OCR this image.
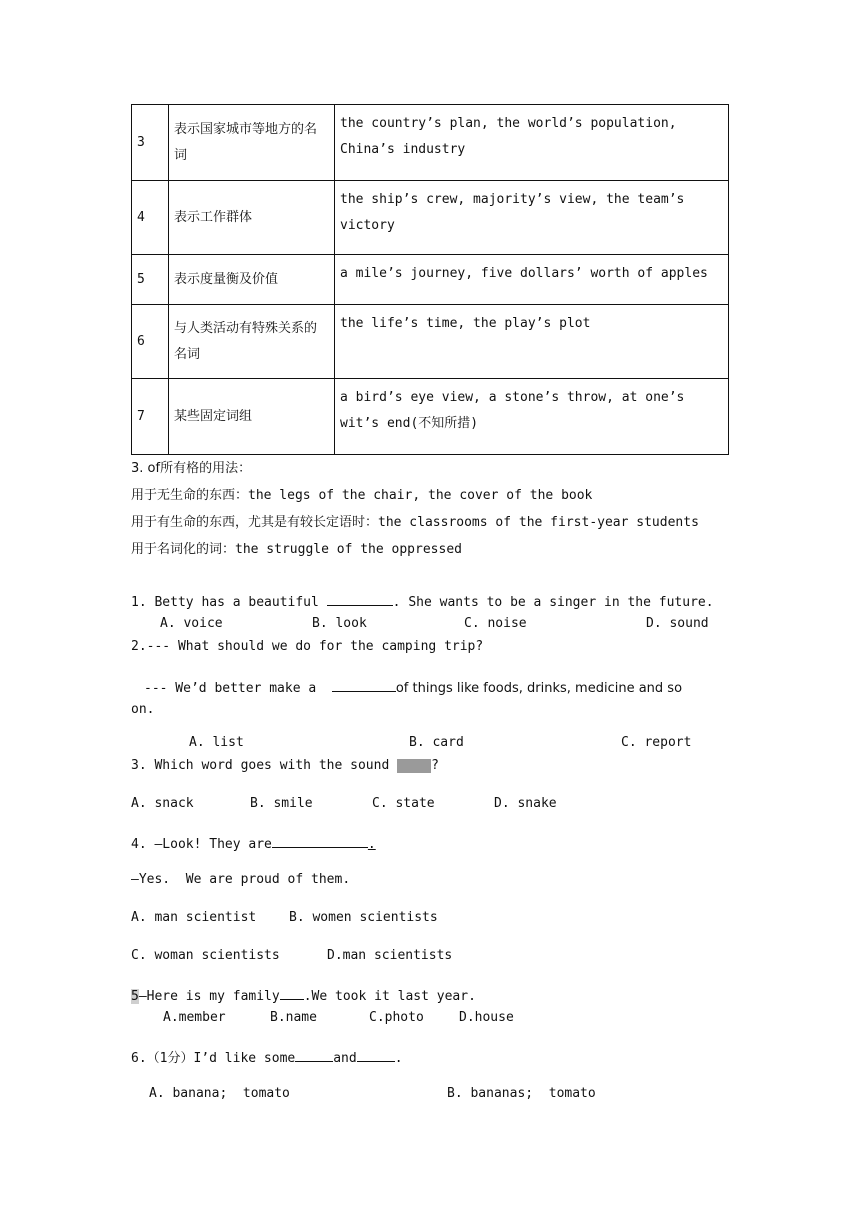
3	表示国家城市等地方的名词	the country’s plan, the world’s population, China’s industry
4	表示工作群体	the ship’s crew, majority’s view, the team’s victory
5	表示度量衡及价值	a mile’s journey, five dollars’ worth of apples
6	与人类活动有特殊关系的名词	the life’s time, the play’s plot
7	某些固定词组	a bird’s eye view, a stone’s throw, at one’s wit’s end(不知所措)
3. of所有格的用法：
用于无生命的东西：the legs of the chair, the cover of the book
用于有生命的东西，尤其是有较长定语时：the classrooms of the first-year students
用于名词化的词：the struggle of the oppressed
1. Betty has a beautiful	. She wants to be a singer in the future.
A. voice	B. look	C. noise	D. sound
2.--- What should we do for the camping trip?
--- We’d better make a	of things like foods, drinks, medicine and so
on.
A. list	B. card	C. report
3. Which word goes with the sound	?
A. snack	B. smile	C. state	D. snake
4. —Look! They are	.
—Yes.  We are proud of them.
A. man scientist	B. women scientists
C. woman scientists	D.man scientists
5—Here is my family .We took it last year.
A.member	B.name	C.photo	D.house
6.（1分）I’d like some	and	.
A. banana;  tomato	B. bananas;  tomato
